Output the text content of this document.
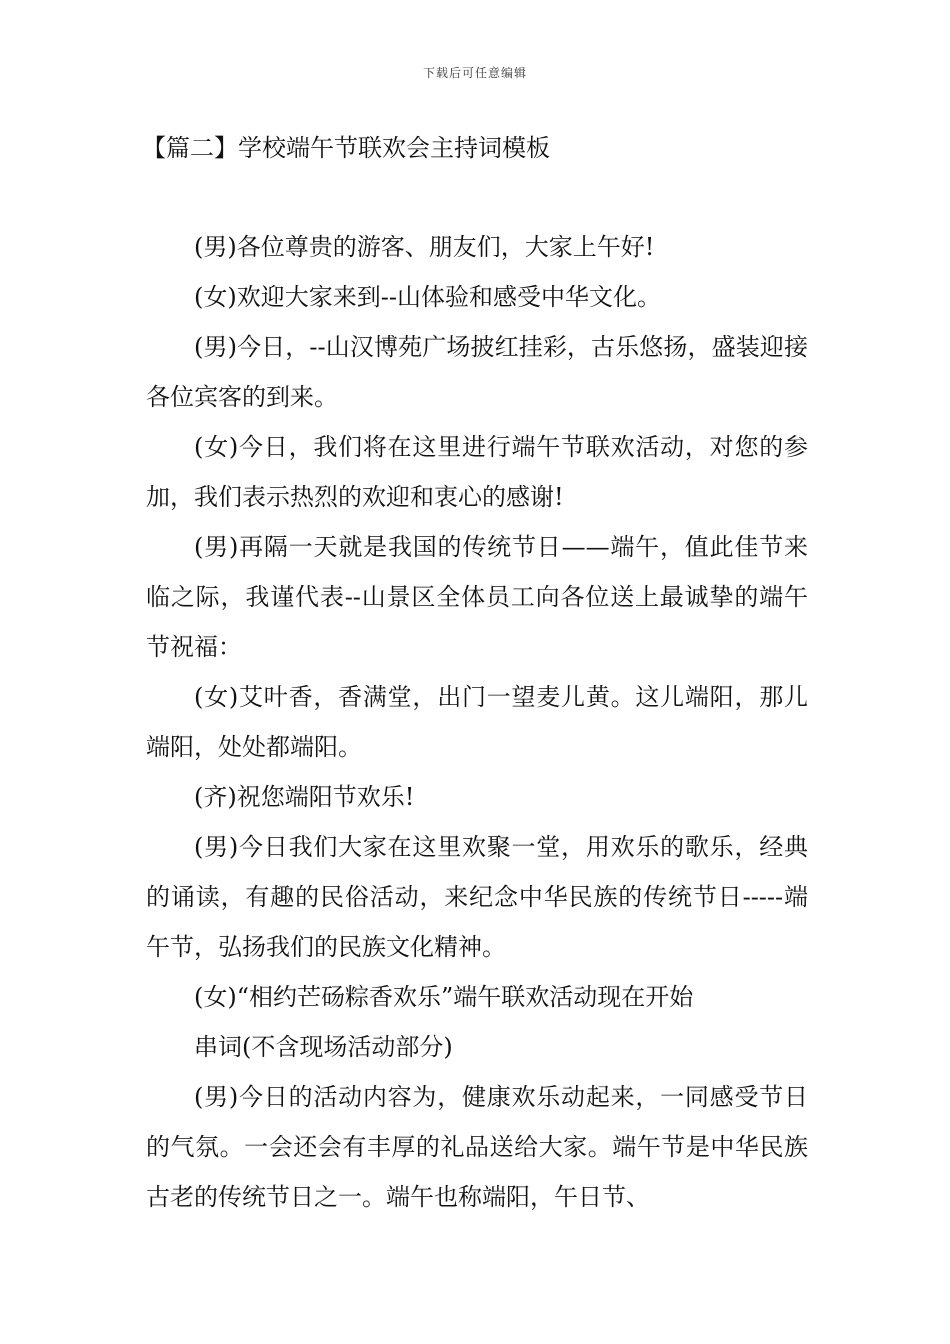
下载后可任意编辑
【篇二】学校端午节联欢会主持词模板

(男)各位尊贵的游客、朋友们，大家上午好!

(女)欢迎大家来到--山体验和感受中华文化。

(男)今日，--山汉博苑广场披红挂彩，古乐悠扬，盛装迎接各位宾客的到来。

(女)今日，我们将在这里进行端午节联欢活动，对您的参加，我们表示热烈的欢迎和衷心的感谢!

(男)再隔一天就是我国的传统节日——端午，值此佳节来临之际，我谨代表--山景区全体员工向各位送上最诚挚的端午节祝福：

(女)艾叶香，香满堂，出门一望麦儿黄。这儿端阳，那儿端阳，处处都端阳。

(齐)祝您端阳节欢乐!

(男)今日我们大家在这里欢聚一堂，用欢乐的歌乐，经典的诵读，有趣的民俗活动，来纪念中华民族的传统节日-----端午节，弘扬我们的民族文化精神。

(女)“相约芒砀粽香欢乐”端午联欢活动现在开始

串词(不含现场活动部分)

(男)今日的活动内容为，健康欢乐动起来，一同感受节日的气氛。一会还会有丰厚的礼品送给大家。端午节是中华民族古老的传统节日之一。端午也称端阳，午日节、
